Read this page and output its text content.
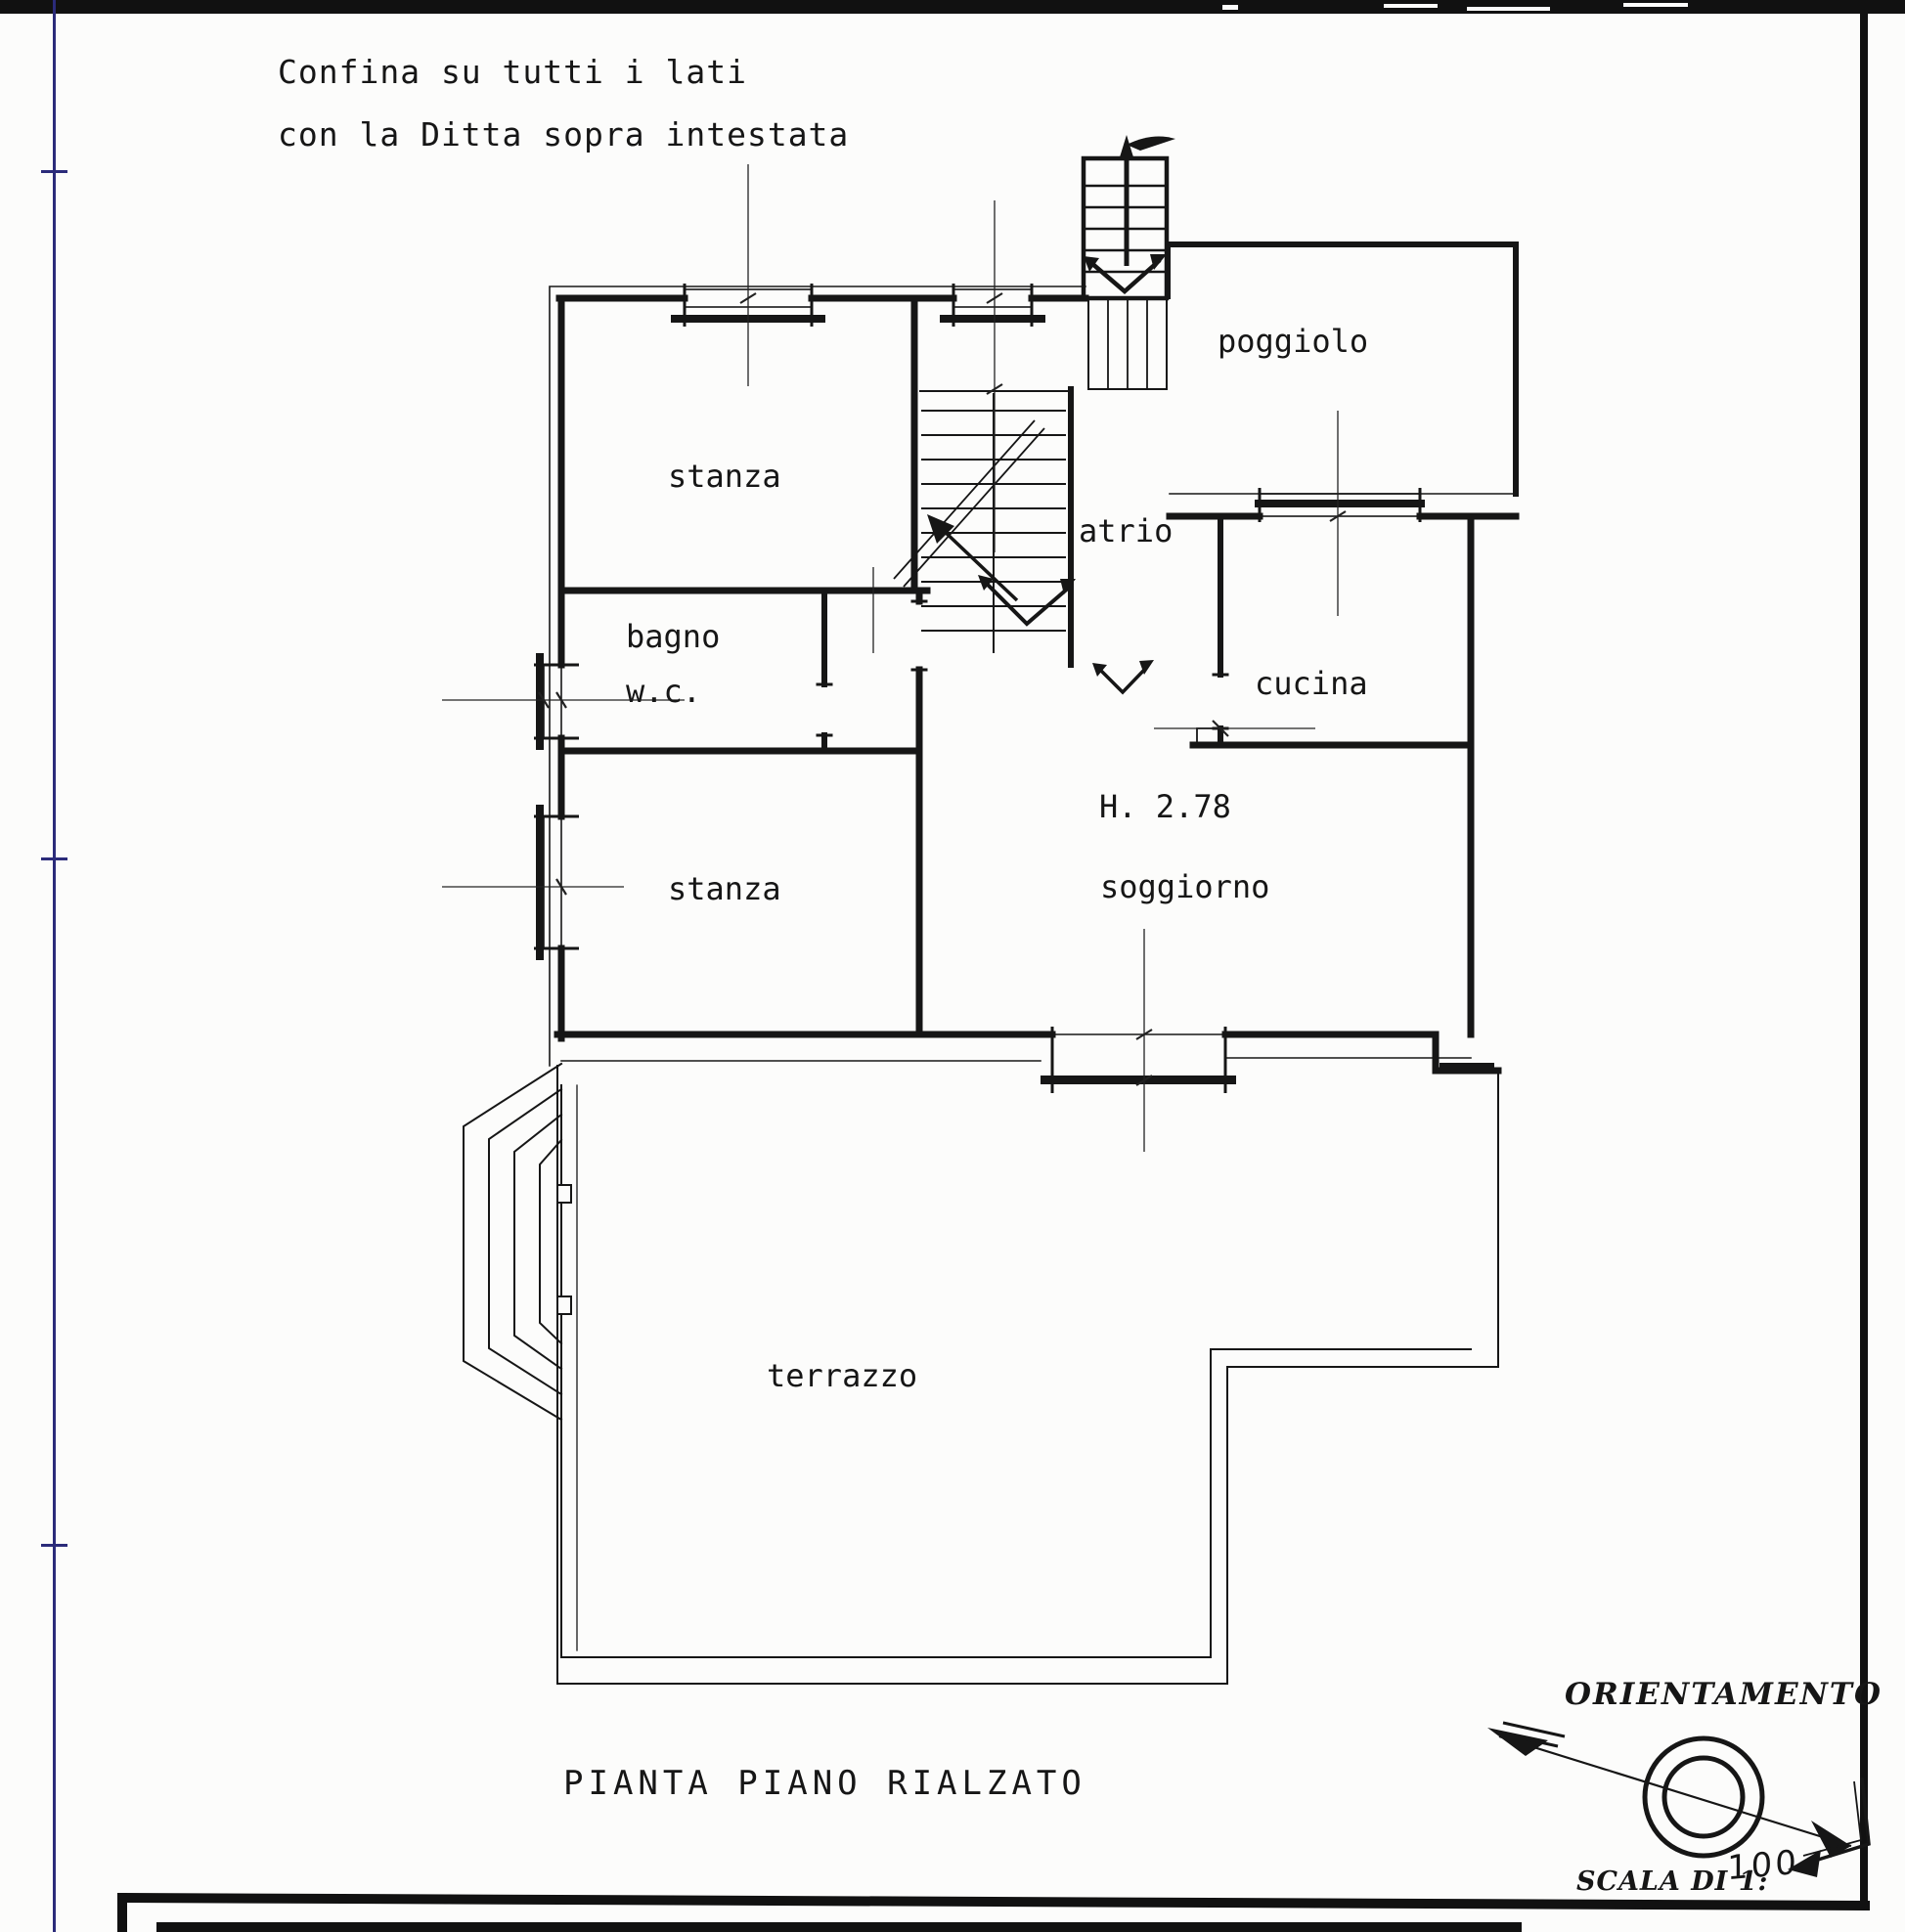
Confina su tutti i lati
con la Ditta sopra intestata
stanza
bagno
w.c.
stanza
atrio
cucina
poggiolo
H. 2.78
soggiorno
terrazzo
PIANTA PIANO RIALZATO
ORIENTAMENTO
SCALA DI 1:
100
